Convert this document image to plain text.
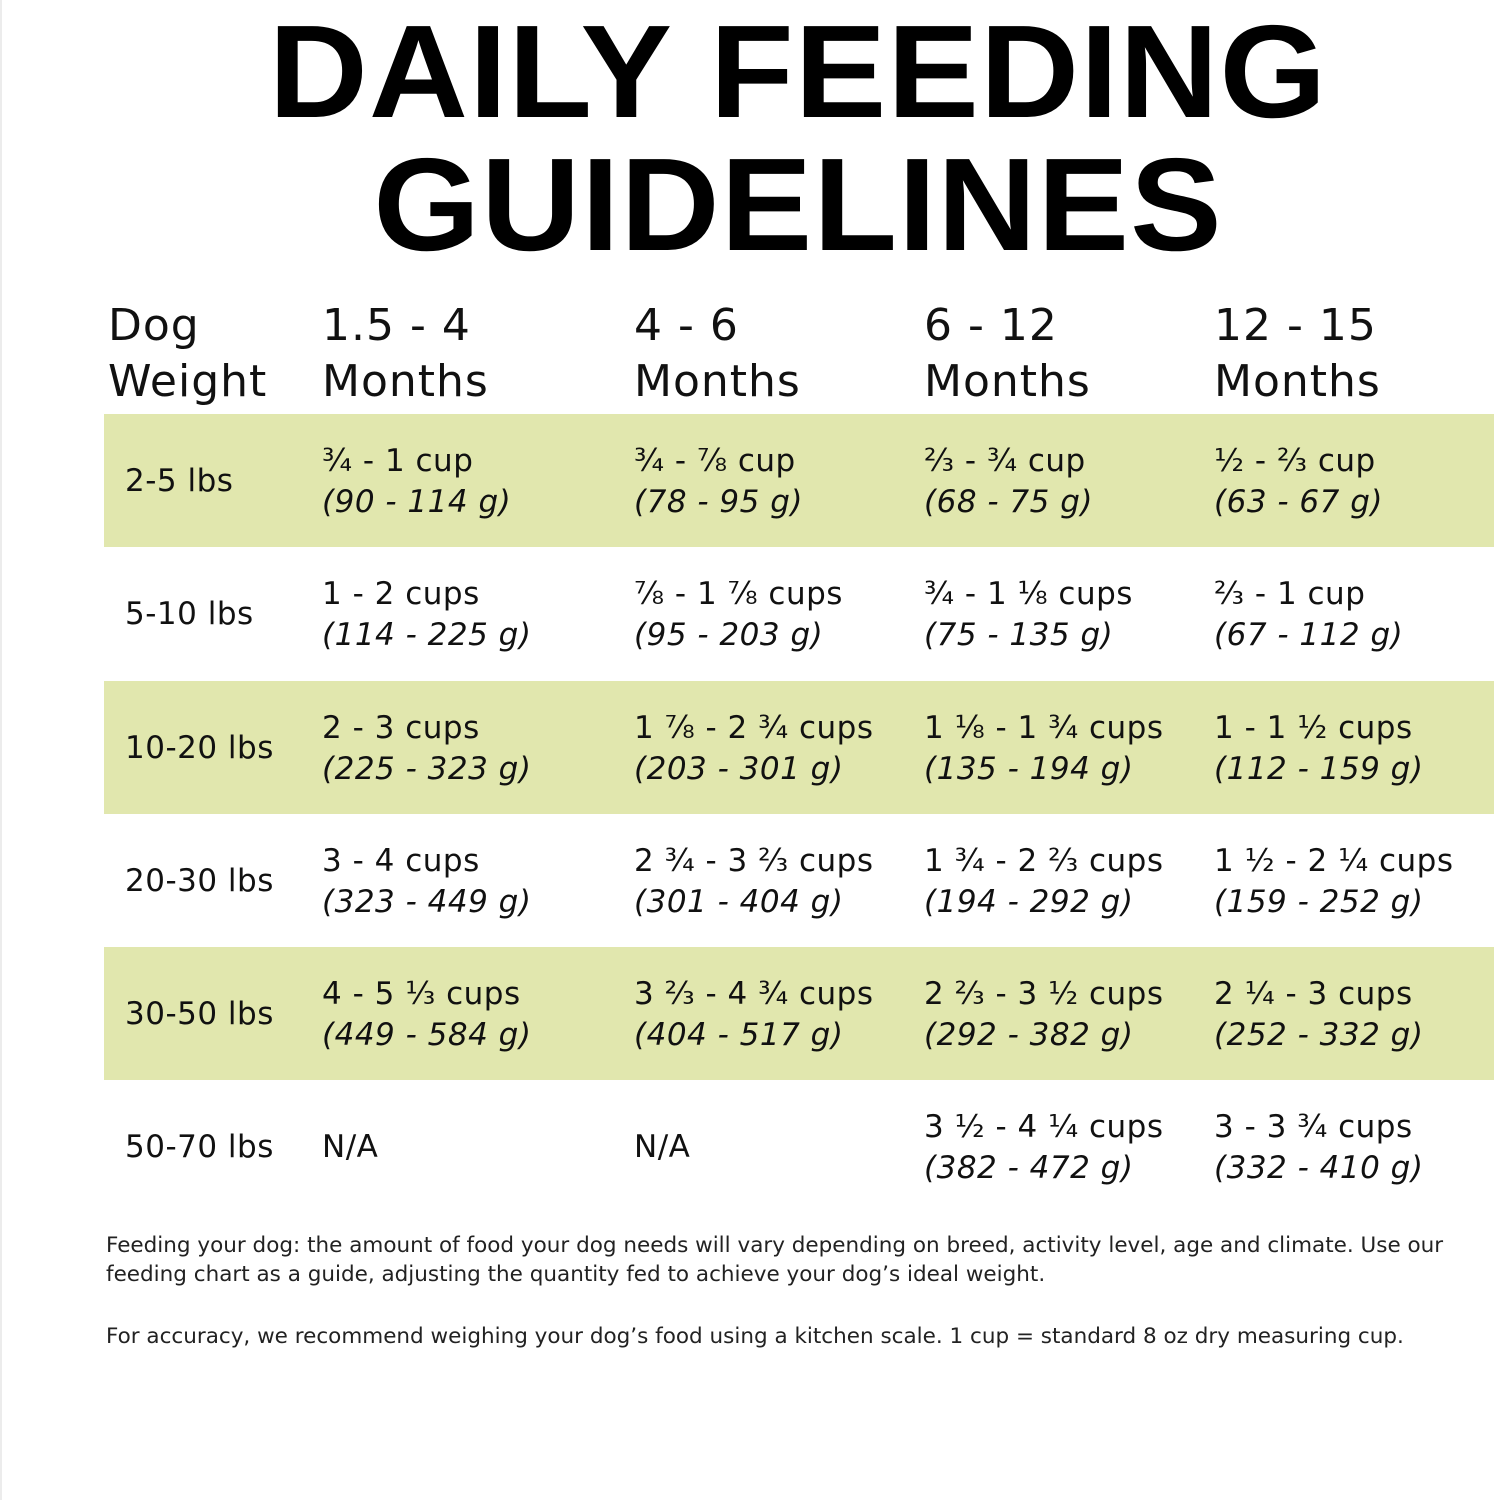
DAILY FEEDING
GUIDELINES
Dog
Weight
1.5 - 4
Months
4 - 6
Months
6 - 12
Months
12 - 15
Months
2-5 lbs
¾ - 1 cup
(90 - 114 g)
¾ - ⅞ cup
(78 - 95 g)
⅔ - ¾ cup
(68 - 75 g)
½ - ⅔ cup
(63 - 67 g)
5-10 lbs
1 - 2 cups
(114 - 225 g)
⅞ - 1 ⅞ cups
(95 - 203 g)
¾ - 1 ⅛ cups
(75 - 135 g)
⅔ - 1 cup
(67 - 112 g)
10-20 lbs
2 - 3 cups
(225 - 323 g)
1 ⅞ - 2 ¾ cups
(203 - 301 g)
1 ⅛ - 1 ¾ cups
(135 - 194 g)
1 - 1 ½ cups
(112 - 159 g)
20-30 lbs
3 - 4 cups
(323 - 449 g)
2 ¾ - 3 ⅔ cups
(301 - 404 g)
1 ¾ - 2 ⅔ cups
(194 - 292 g)
1 ½ - 2 ¼ cups
(159 - 252 g)
30-50 lbs
4 - 5 ⅓ cups
(449 - 584 g)
3 ⅔ - 4 ¾ cups
(404 - 517 g)
2 ⅔ - 3 ½ cups
(292 - 382 g)
2 ¼ - 3 cups
(252 - 332 g)
50-70 lbs N/A	N/A
3 ½ - 4 ¼ cups
(382 - 472 g)
3 - 3 ¾ cups
(332 - 410 g)
Feeding your dog: the amount of food your dog needs will vary depending on breed, activity level, age and climate. Use our feeding chart as a guide, adjusting the quantity fed to achieve your dog’s ideal weight.
For accuracy, we recommend weighing your dog’s food using a kitchen scale. 1 cup = standard 8 oz dry measuring cup.
